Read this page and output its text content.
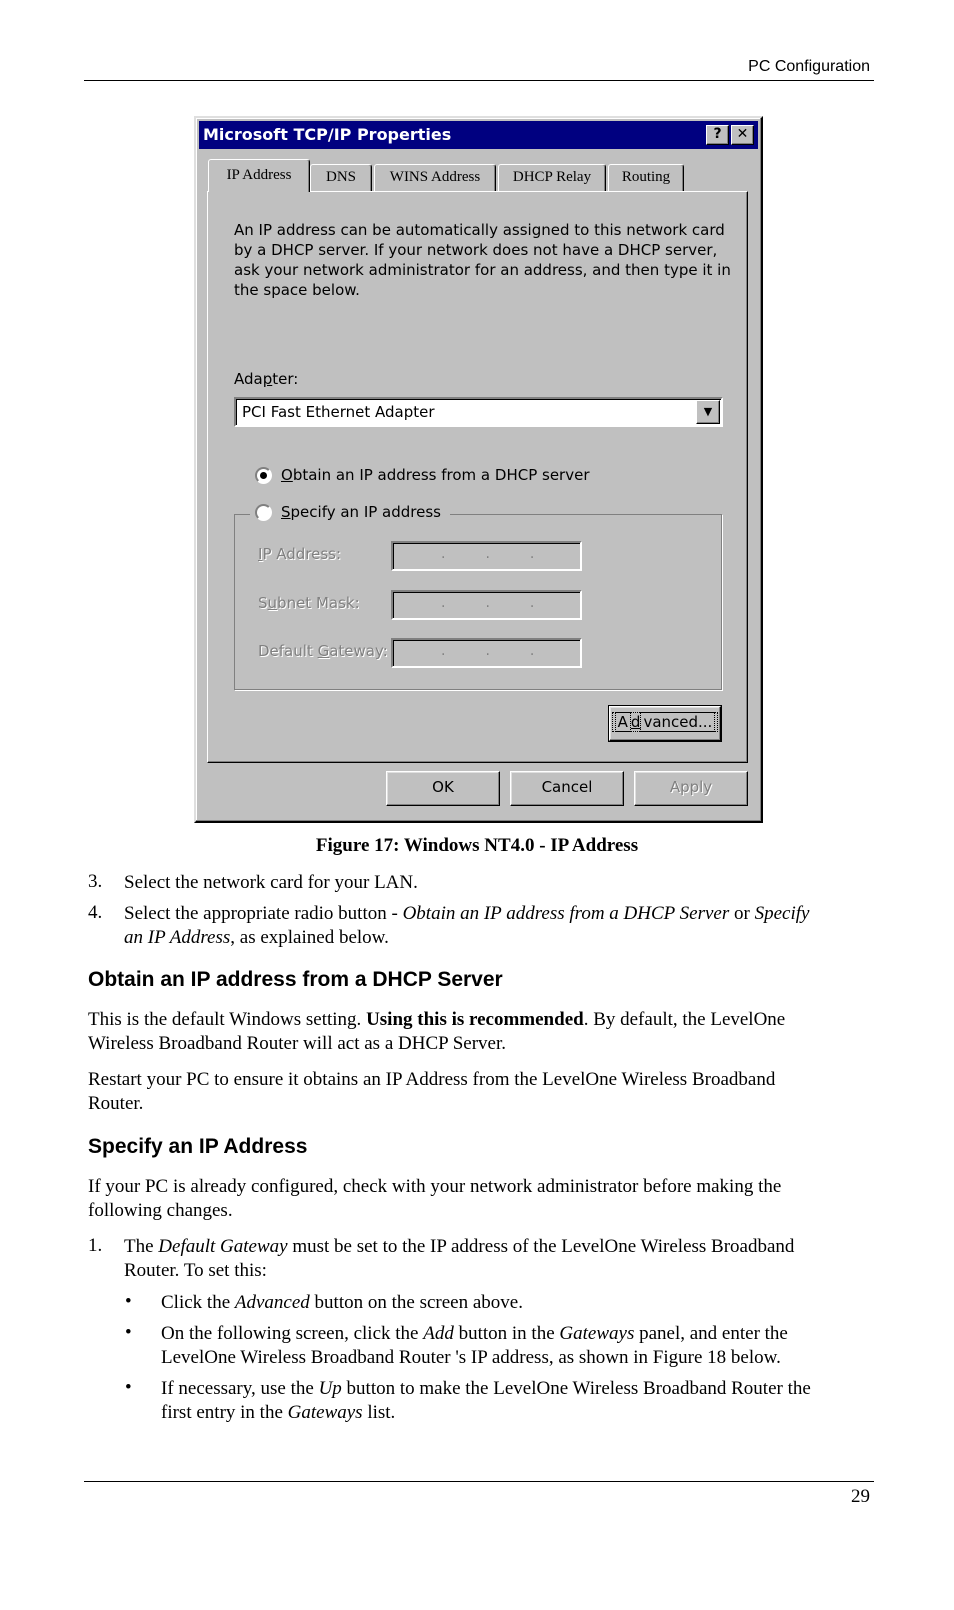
PC Configuration
Microsoft TCP/IP Properties	?	✕
IP Address	DNS	WINS Address	DHCP Relay	Routing
An IP address can be automatically assigned to this network card by a DHCP server. If your network does not have a DHCP server, ask your network administrator for an address, and then type it in the space below.
Adapter:
PCI Fast Ethernet Adapter	▼
Obtain an IP address from a DHCP server
Specify an IP address
IP Address:	...
Subnet Mask:	...
Default Gateway:	...
A d vanced...
OK	Cancel	Apply
Figure 17: Windows NT4.0 - IP Address
3. Select the network card for your LAN.
4. Select the appropriate radio button - Obtain an IP address from a DHCP Server or Specify
an IP Address, as explained below.
Obtain an IP address from a DHCP Server
This is the default Windows setting. Using this is recommended. By default, the LevelOne
Wireless Broadband Router will act as a DHCP Server.
Restart your PC to ensure it obtains an IP Address from the LevelOne Wireless Broadband
Router.
Specify an IP Address
If your PC is already configured, check with your network administrator before making the
following changes.
1. The Default Gateway must be set to the IP address of the LevelOne Wireless Broadband
Router. To set this:
• Click the Advanced button on the screen above.
• On the following screen, click the Add button in the Gateways panel, and enter the
LevelOne Wireless Broadband Router 's IP address, as shown in Figure 18 below.
• If necessary, use the Up button to make the LevelOne Wireless Broadband Router the
first entry in the Gateways list.
29
